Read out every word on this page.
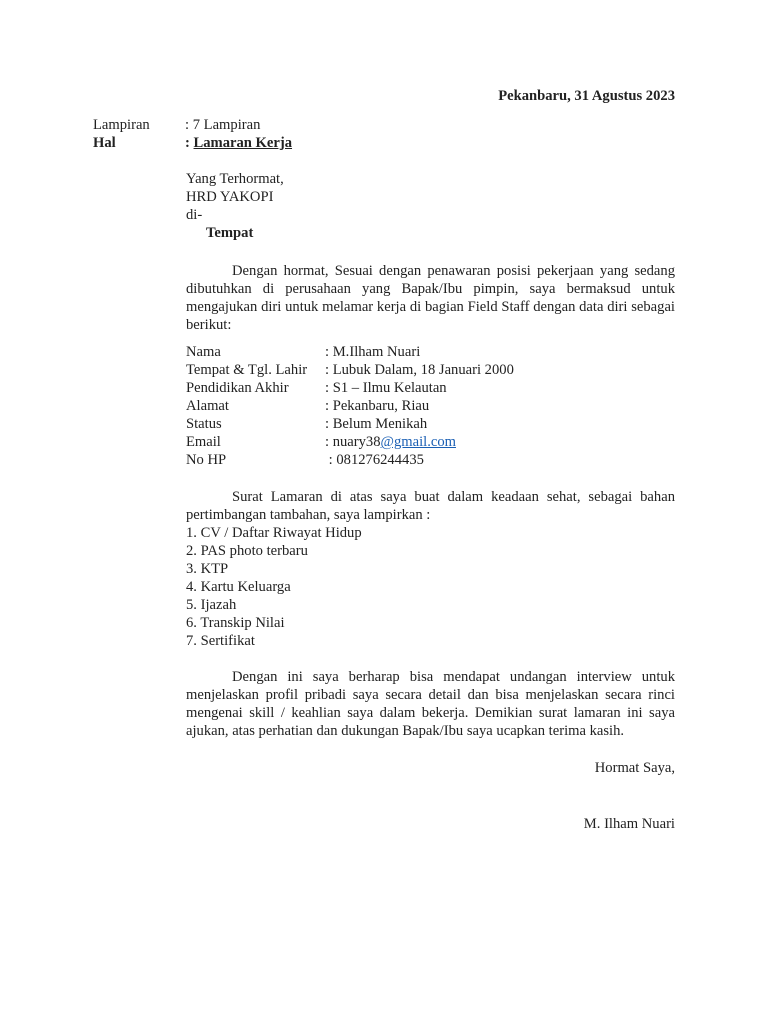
Pekanbaru, 31 Agustus 2023
Lampiran	: 7 Lampiran
Hal	: Lamaran Kerja
Yang Terhormat,
HRD YAKOPI
di-
Tempat

Dengan hormat, Sesuai dengan penawaran posisi pekerjaan yang sedang dibutuhkan di perusahaan yang Bapak/Ibu pimpin, saya bermaksud untuk mengajukan diri untuk melamar kerja di bagian Field Staff dengan data diri sebagai berikut:

Nama	: M.Ilham Nuari
Tempat & Tgl. Lahir	: Lubuk Dalam, 18 Januari 2000
Pendidikan Akhir	: S1 – Ilmu Kelautan
Alamat	: Pekanbaru, Riau
Status	: Belum Menikah
Email	: nuary38@gmail.com
No HP	: 081276244435

Surat Lamaran di atas saya buat dalam keadaan sehat, sebagai bahan pertimbangan tambahan, saya lampirkan :

1. CV / Daftar Riwayat Hidup
2. PAS photo terbaru
3. KTP
4. Kartu Keluarga
5. Ijazah
6. Transkip Nilai
7. Sertifikat

Dengan ini saya berharap bisa mendapat undangan interview untuk menjelaskan profil pribadi saya secara detail dan bisa menjelaskan secara rinci mengenai skill / keahlian saya dalam bekerja. Demikian surat lamaran ini saya ajukan, atas perhatian dan dukungan Bapak/Ibu saya ucapkan terima kasih.

Hormat Saya,
M. Ilham Nuari
